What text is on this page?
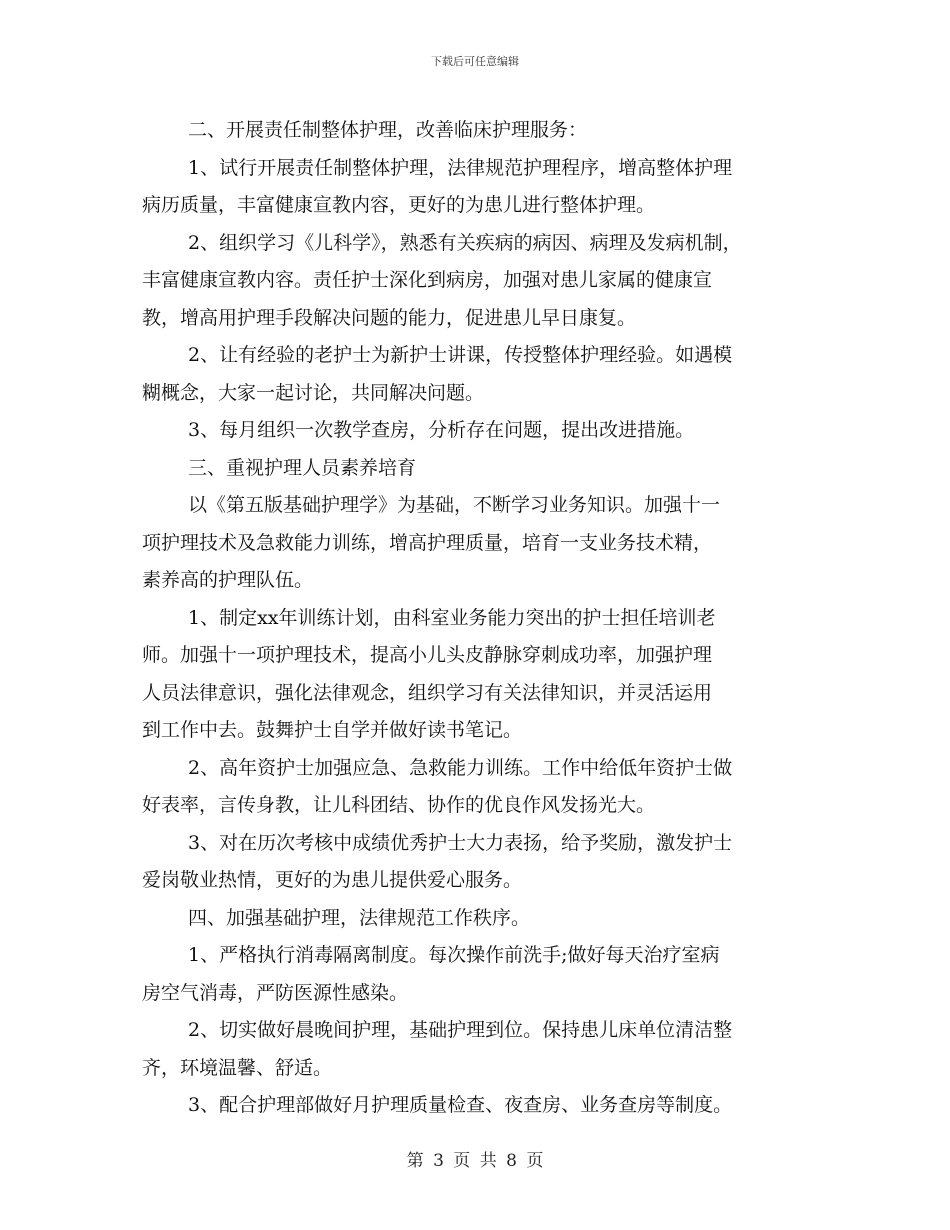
下载后可任意编辑
二、开展责任制整体护理，改善临床护理服务：
1、试行开展责任制整体护理，法律规范护理程序，增高整体护理
病历质量，丰富健康宣教内容，更好的为患儿进行整体护理。
2、组织学习《儿科学》，熟悉有关疾病的病因、病理及发病机制，
丰富健康宣教内容。责任护士深化到病房，加强对患儿家属的健康宣
教，增高用护理手段解决问题的能力，促进患儿早日康复。
2、让有经验的老护士为新护士讲课，传授整体护理经验。如遇模
糊概念，大家一起讨论，共同解决问题。
3、每月组织一次教学查房，分析存在问题，提出改进措施。
三、重视护理人员素养培育
以《第五版基础护理学》为基础，不断学习业务知识。加强十一
项护理技术及急救能力训练，增高护理质量，培育一支业务技术精，
素养高的护理队伍。
1、制定xx年训练计划，由科室业务能力突出的护士担任培训老
师。加强十一项护理技术，提高小儿头皮静脉穿刺成功率，加强护理
人员法律意识，强化法律观念，组织学习有关法律知识，并灵活运用
到工作中去。鼓舞护士自学并做好读书笔记。
2、高年资护士加强应急、急救能力训练。工作中给低年资护士做
好表率，言传身教，让儿科团结、协作的优良作风发扬光大。
3、对在历次考核中成绩优秀护士大力表扬，给予奖励，激发护士
爱岗敬业热情，更好的为患儿提供爱心服务。
四、加强基础护理，法律规范工作秩序。
1、严格执行消毒隔离制度。每次操作前洗手;做好每天治疗室病
房空气消毒，严防医源性感染。
2、切实做好晨晚间护理，基础护理到位。保持患儿床单位清洁整
齐，环境温馨、舒适。
3、配合护理部做好月护理质量检查、夜查房、业务查房等制度。
第 3 页 共 8 页
